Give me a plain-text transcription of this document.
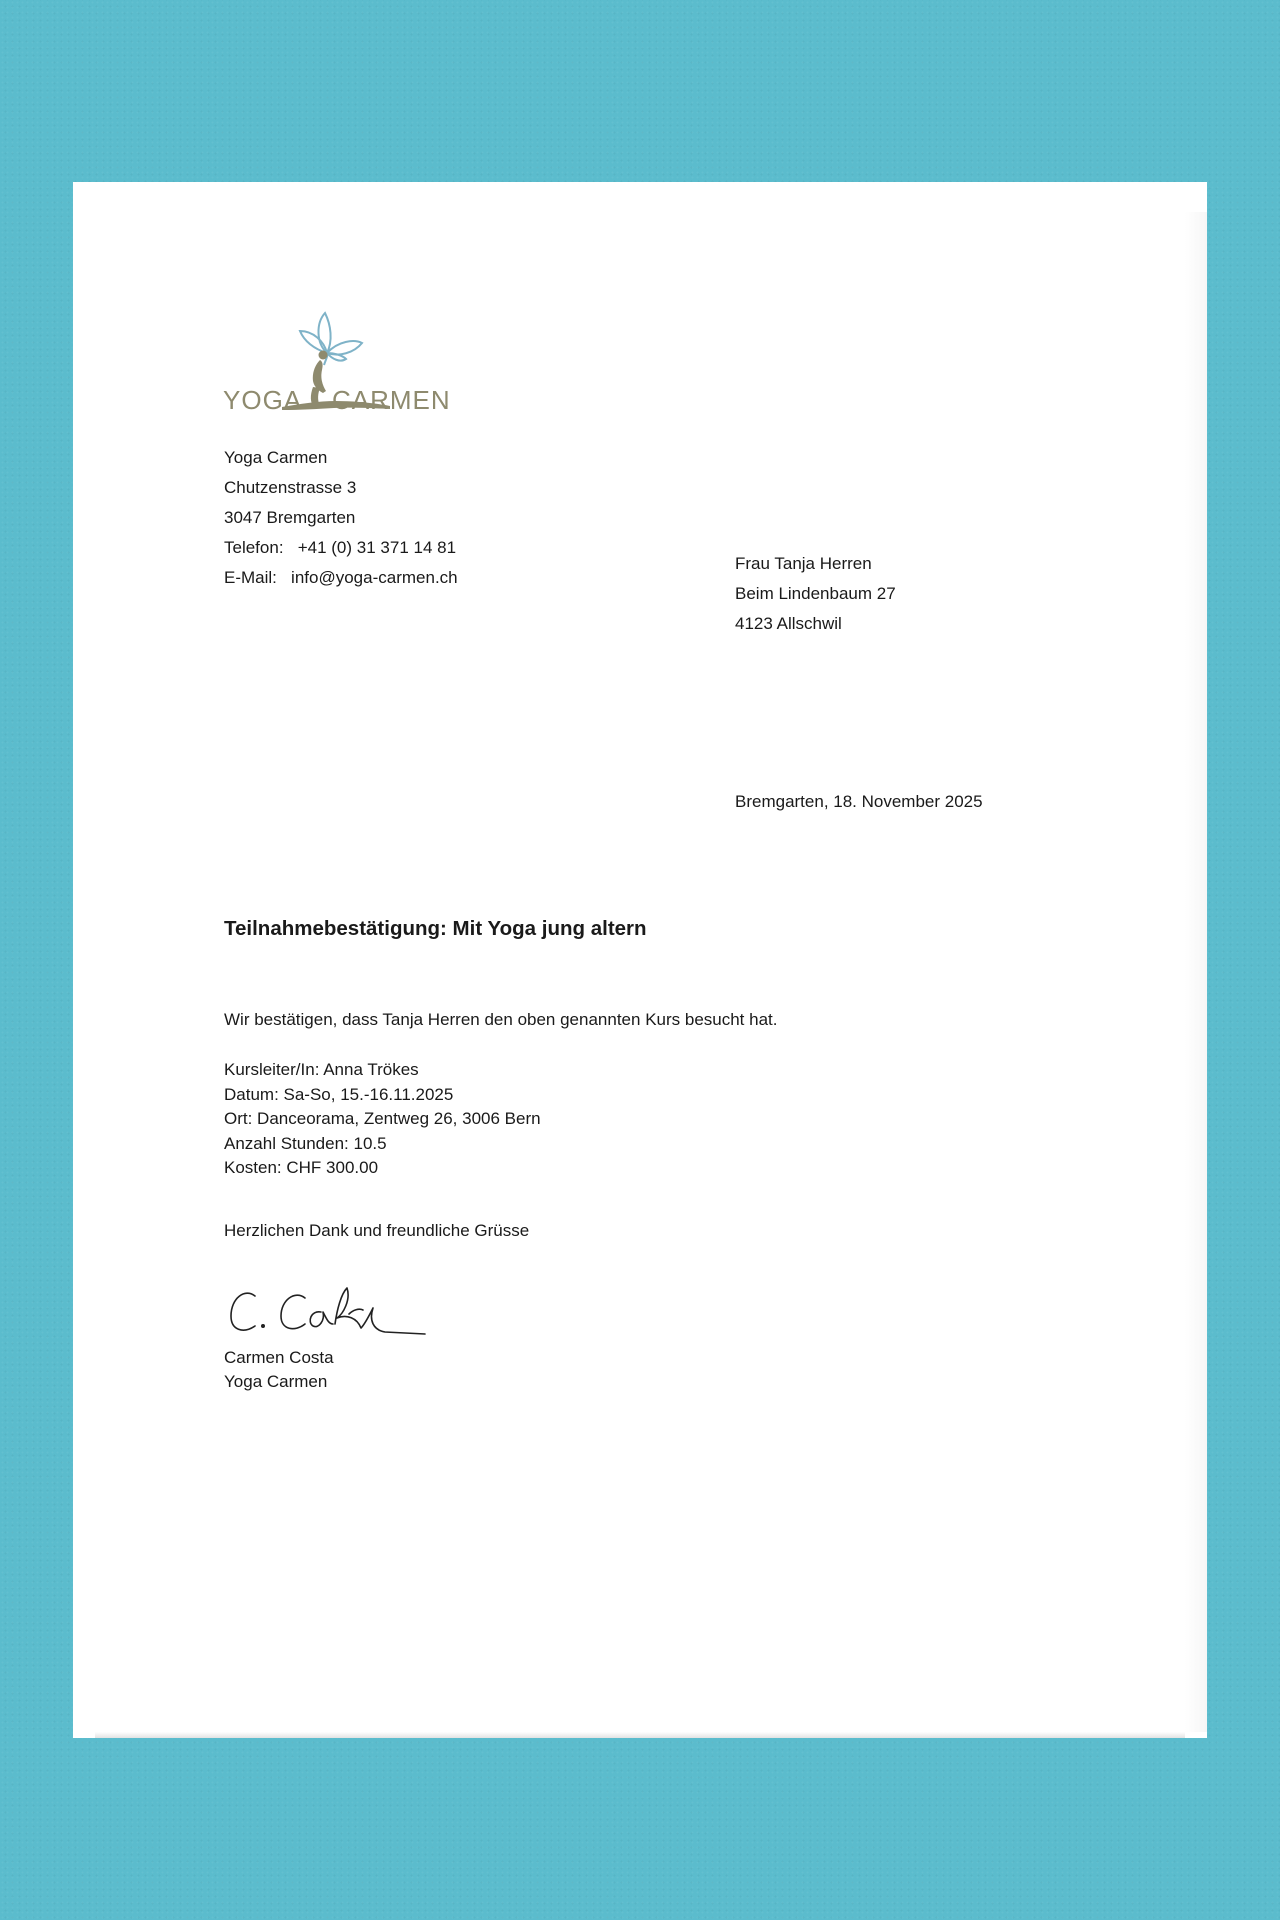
YOGA CARMEN

Yoga Carmen
Chutzenstrasse 3
3047 Bremgarten
Telefon:   +41 (0) 31 371 14 81
E-Mail:   info@yoga-carmen.ch

Frau Tanja Herren
Beim Lindenbaum 27
4123 Allschwil

Bremgarten, 18. November 2025

Teilnahmebestätigung: Mit Yoga jung altern

Wir bestätigen, dass Tanja Herren den oben genannten Kurs besucht hat.

Kursleiter/In: Anna Trökes
Datum: Sa-So, 15.-16.11.2025
Ort: Danceorama, Zentweg 26, 3006 Bern
Anzahl Stunden: 10.5
Kosten: CHF 300.00

Herzlichen Dank und freundliche Grüsse

Carmen Costa
Yoga Carmen
